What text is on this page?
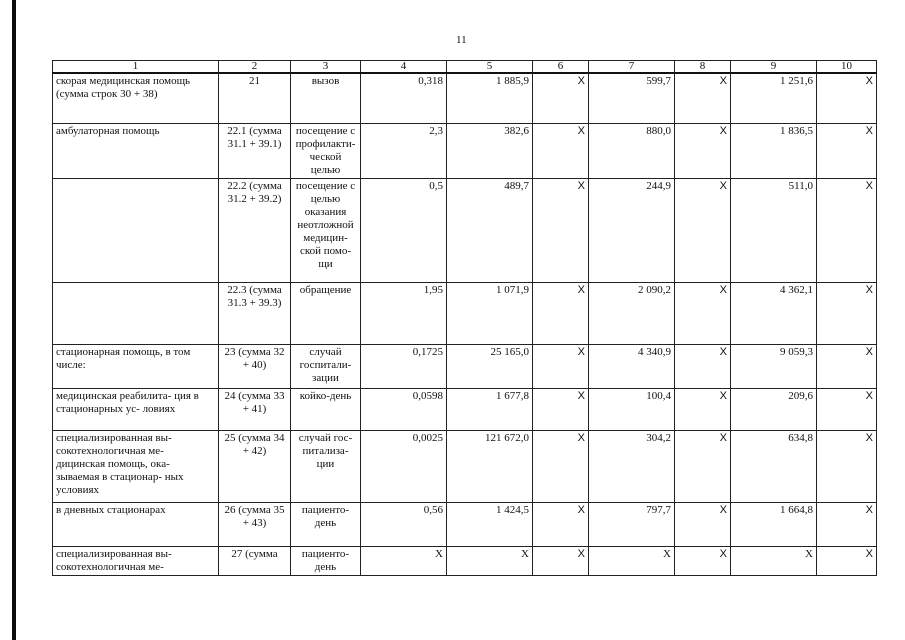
11
1	2	3	4	5	6	7	8	9	10	
скорая медицинская помощь (сумма строк 30 + 38)	21	вызов	0,318	1 885,9	X	599,7	X	1 251,6	X	
амбулаторная помощь	22.1 (сумма 31.1 + 39.1)	посещение с профилакти- ческой целью	2,3	382,6	X	880,0	X	1 836,5	X	
	22.2 (сумма 31.2 + 39.2)	посещение с целью оказания неотложной медицин- ской помо- щи	0,5	489,7	X	244,9	X	511,0	X	
	22.3 (сумма 31.3 + 39.3)	обращение	1,95	1 071,9	X	2 090,2	X	4 362,1	X	
стационарная помощь, в том числе:	23 (сумма 32 + 40)	случай госпитали- зации	0,1725	25 165,0	X	4 340,9	X	9 059,3	X	
медицинская реабилита- ция в стационарных ус- ловиях	24 (сумма 33 + 41)	койко-день	0,0598	1 677,8	X	100,4	X	209,6	X	
специализированная вы- сокотехнологичная ме- дицинская помощь, ока- зываемая в стационар- ных условиях	25 (сумма 34 + 42)	случай гос- питализа- ции	0,0025	121 672,0	X	304,2	X	634,8	X	
в дневных стационарах	26 (сумма 35 + 43)	пациенто- день	0,56	1 424,5	X	797,7	X	1 664,8	X	
специализированная вы- сокотехнологичная ме-	27 (сумма	пациенто- день	X	X	X	X	X	X	X	
